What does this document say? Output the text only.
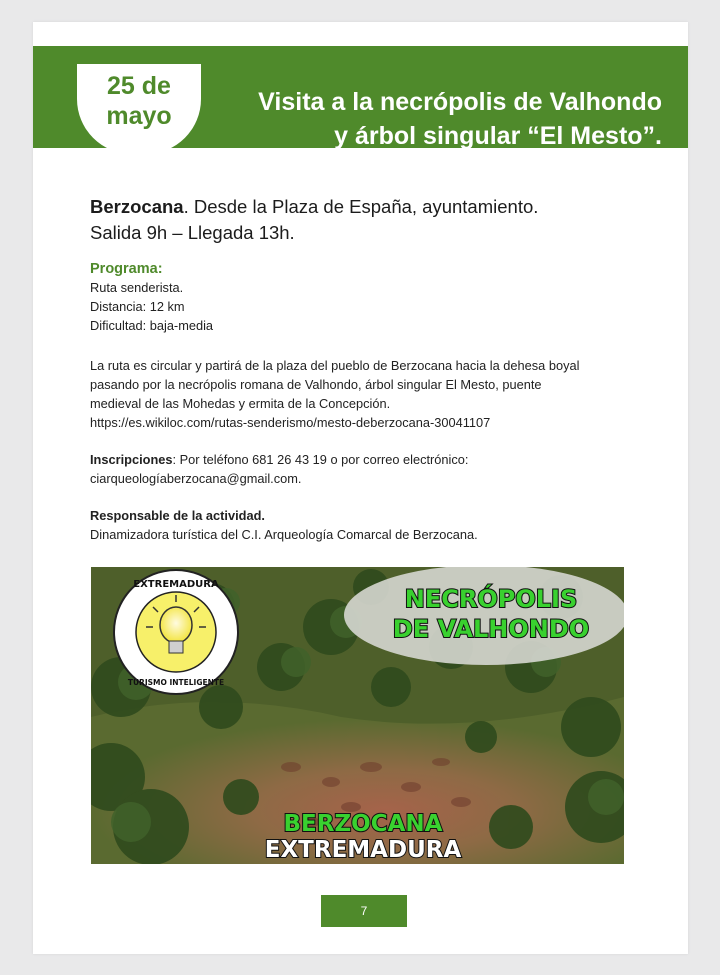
25 de
mayo	Visita a la necrópolis de Valhondo
y árbol singular “El Mesto”.
Berzocana. Desde la Plaza de España, ayuntamiento.
Salida 9h – Llegada 13h.
Programa:
Ruta senderista.
Distancia: 12 km
Dificultad: baja-media
La ruta es circular y partirá de la plaza del pueblo de Berzocana hacia la dehesa boyal
pasando por la necrópolis romana de Valhondo, árbol singular El Mesto, puente
medieval de las Mohedas y ermita de la Concepción.
https://es.wikiloc.com/rutas-senderismo/mesto-deberzocana-30041107
Inscripciones: Por teléfono 681 26 43 19 o por correo electrónico:
ciarqueologíaberzocana@gmail.com.
Responsable de la actividad.
Dinamizadora turística del C.I. Arqueología Comarcal de Berzocana.
EXTREMADURA
TURISMO INTELIGENTE
NECRÓPOLIS
DE VALHONDO
BERZOCANA
EXTREMADURA
7
